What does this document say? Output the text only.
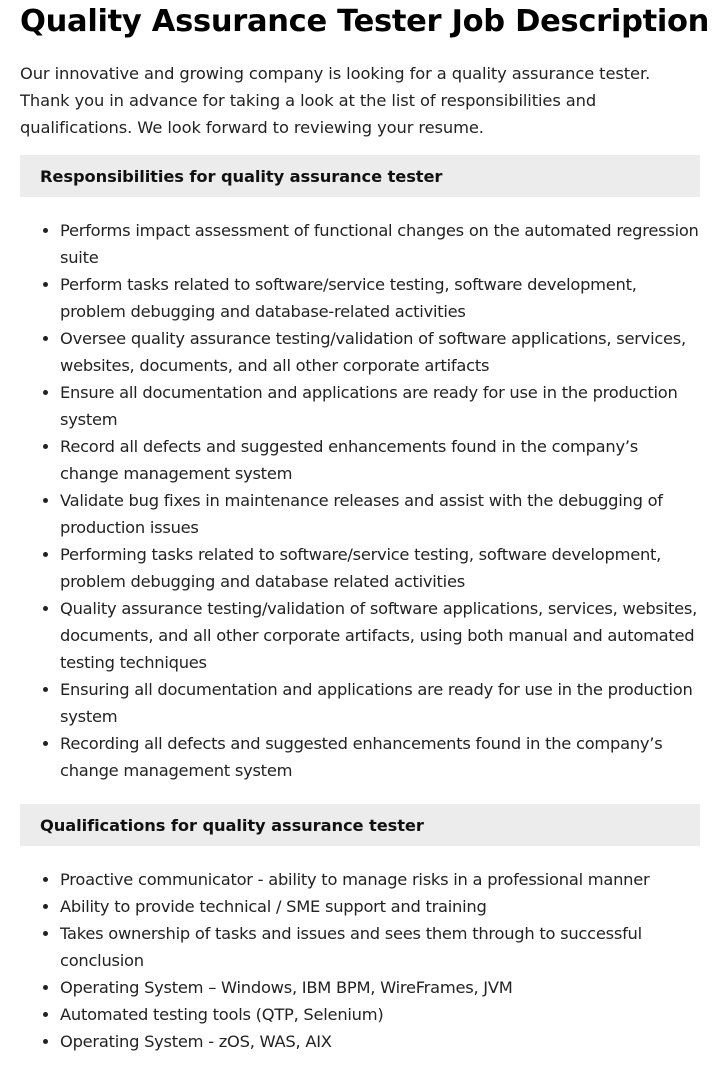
Quality Assurance Tester Job Description

Our innovative and growing company is looking for a quality assurance tester. Thank you in advance for taking a look at the list of responsibilities and qualifications. We look forward to reviewing your resume.

Responsibilities for quality assurance tester
• Performs impact assessment of functional changes on the automated regression suite
• Perform tasks related to software/service testing, software development, problem debugging and database-related activities
• Oversee quality assurance testing/validation of software applications, services, websites, documents, and all other corporate artifacts
• Ensure all documentation and applications are ready for use in the production system
• Record all defects and suggested enhancements found in the company’s change management system
• Validate bug fixes in maintenance releases and assist with the debugging of production issues
• Performing tasks related to software/service testing, software development, problem debugging and database related activities
• Quality assurance testing/validation of software applications, services, websites, documents, and all other corporate artifacts, using both manual and automated testing techniques
• Ensuring all documentation and applications are ready for use in the production system
• Recording all defects and suggested enhancements found in the company’s change management system
Qualifications for quality assurance tester
• Proactive communicator - ability to manage risks in a professional manner
• Ability to provide technical / SME support and training
• Takes ownership of tasks and issues and sees them through to successful conclusion
• Operating System – Windows, IBM BPM, WireFrames, JVM
• Automated testing tools (QTP, Selenium)
• Operating System - zOS, WAS, AIX
